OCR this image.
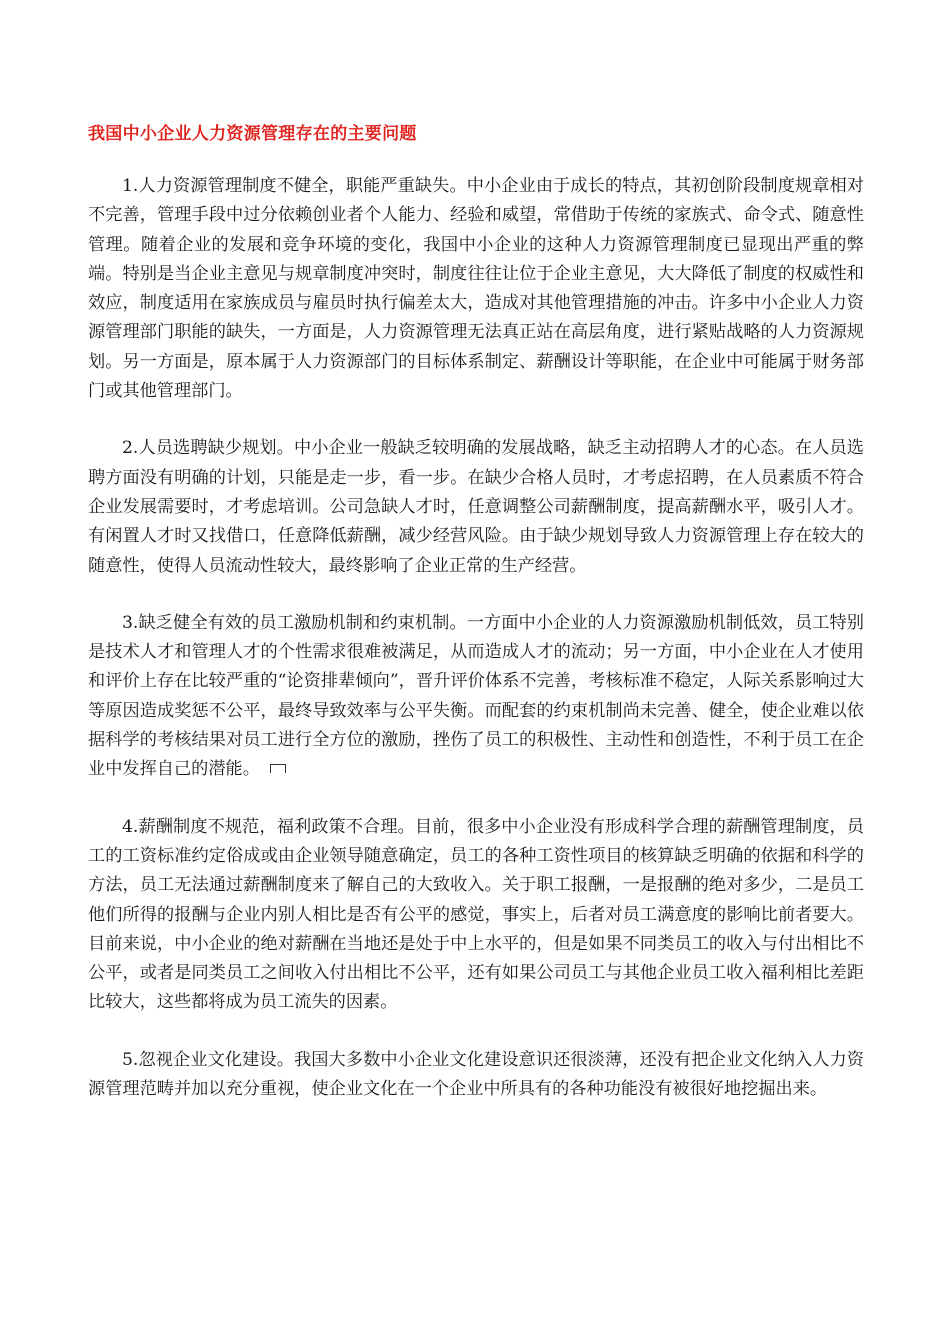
我国中小企业人力资源管理存在的主要问题

1.人力资源管理制度不健全，职能严重缺失。中小企业由于成长的特点，其初创阶段制度规章相对不完善，管理手段中过分依赖创业者个人能力、经验和威望，常借助于传统的家族式、命令式、随意性管理。随着企业的发展和竞争环境的变化，我国中小企业的这种人力资源管理制度已显现出严重的弊端。特别是当企业主意见与规章制度冲突时，制度往往让位于企业主意见，大大降低了制度的权威性和效应，制度适用在家族成员与雇员时执行偏差太大，造成对其他管理措施的冲击。许多中小企业人力资源管理部门职能的缺失，一方面是，人力资源管理无法真正站在高层角度，进行紧贴战略的人力资源规划。另一方面是，原本属于人力资源部门的目标体系制定、薪酬设计等职能，在企业中可能属于财务部门或其他管理部门。

2.人员选聘缺少规划。中小企业一般缺乏较明确的发展战略，缺乏主动招聘人才的心态。在人员选聘方面没有明确的计划，只能是走一步，看一步。在缺少合格人员时，才考虑招聘，在人员素质不符合企业发展需要时，才考虑培训。公司急缺人才时，任意调整公司薪酬制度，提高薪酬水平，吸引人才。有闲置人才时又找借口，任意降低薪酬，减少经营风险。由于缺少规划导致人力资源管理上存在较大的随意性，使得人员流动性较大，最终影响了企业正常的生产经营。

3.缺乏健全有效的员工激励机制和约束机制。一方面中小企业的人力资源激励机制低效，员工特别是技术人才和管理人才的个性需求很难被满足，从而造成人才的流动；另一方面，中小企业在人才使用和评价上存在比较严重的“论资排辈倾向”，晋升评价体系不完善，考核标准不稳定，人际关系影响过大等原因造成奖惩不公平，最终导致效率与公平失衡。而配套的约束机制尚未完善、健全，使企业难以依据科学的考核结果对员工进行全方位的激励，挫伤了员工的积极性、主动性和创造性，不利于员工在企业中发挥自己的潜能。

4.薪酬制度不规范，福利政策不合理。目前，很多中小企业没有形成科学合理的薪酬管理制度，员工的工资标准约定俗成或由企业领导随意确定，员工的各种工资性项目的核算缺乏明确的依据和科学的方法，员工无法通过薪酬制度来了解自己的大致收入。关于职工报酬，一是报酬的绝对多少，二是员工他们所得的报酬与企业内别人相比是否有公平的感觉，事实上，后者对员工满意度的影响比前者要大。目前来说，中小企业的绝对薪酬在当地还是处于中上水平的，但是如果不同类员工的收入与付出相比不公平，或者是同类员工之间收入付出相比不公平，还有如果公司员工与其他企业员工收入福利相比差距比较大，这些都将成为员工流失的因素。

5.忽视企业文化建设。我国大多数中小企业文化建设意识还很淡薄，还没有把企业文化纳入人力资源管理范畴并加以充分重视，使企业文化在一个企业中所具有的各种功能没有被很好地挖掘出来。
